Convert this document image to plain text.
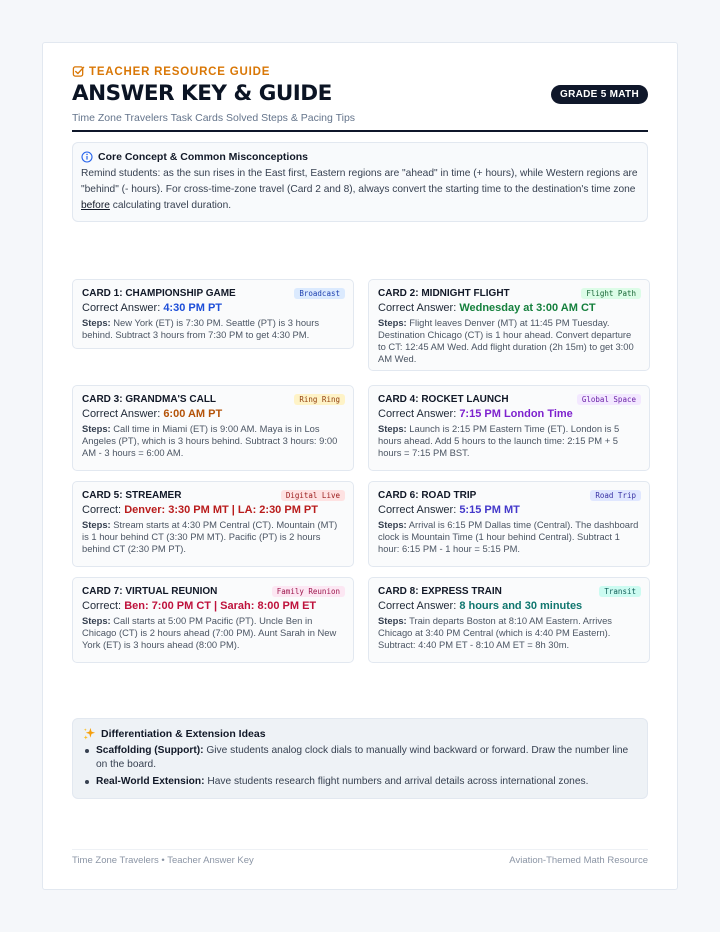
TEACHER RESOURCE GUIDE
ANSWER KEY & GUIDE
Time Zone Travelers Task Cards Solved Steps & Pacing Tips
GRADE 5 MATH
Core Concept & Common Misconceptions
Remind students: as the sun rises in the East first, Eastern regions are "ahead" in time (+ hours), while Western regions are "behind" (- hours). For cross-time-zone travel (Card 2 and 8), always convert the starting time to the destination's time zone before calculating travel duration.
CARD 1: CHAMPIONSHIP GAME	Broadcast
Correct Answer: 4:30 PM PT
Steps: New York (ET) is 7:30 PM. Seattle (PT) is 3 hours behind. Subtract 3 hours from 7:30 PM to get 4:30 PM.
CARD 2: MIDNIGHT FLIGHT	Flight Path
Correct Answer: Wednesday at 3:00 AM CT
Steps: Flight leaves Denver (MT) at 11:45 PM Tuesday. Destination Chicago (CT) is 1 hour ahead. Convert departure to CT: 12:45 AM Wed. Add flight duration (2h 15m) to get 3:00 AM Wed.
CARD 3: GRANDMA'S CALL	Ring Ring
Correct Answer: 6:00 AM PT
Steps: Call time in Miami (ET) is 9:00 AM. Maya is in Los Angeles (PT), which is 3 hours behind. Subtract 3 hours: 9:00 AM - 3 hours = 6:00 AM.
CARD 4: ROCKET LAUNCH	Global Space
Correct Answer: 7:15 PM London Time
Steps: Launch is 2:15 PM Eastern Time (ET). London is 5 hours ahead. Add 5 hours to the launch time: 2:15 PM + 5 hours = 7:15 PM BST.
CARD 5: STREAMER	Digital Live
Correct: Denver: 3:30 PM MT | LA: 2:30 PM PT
Steps: Stream starts at 4:30 PM Central (CT). Mountain (MT) is 1 hour behind CT (3:30 PM MT). Pacific (PT) is 2 hours behind CT (2:30 PM PT).
CARD 6: ROAD TRIP	Road Trip
Correct Answer: 5:15 PM MT
Steps: Arrival is 6:15 PM Dallas time (Central). The dashboard clock is Mountain Time (1 hour behind Central). Subtract 1 hour: 6:15 PM - 1 hour = 5:15 PM.
CARD 7: VIRTUAL REUNION	Family Reunion
Correct: Ben: 7:00 PM CT | Sarah: 8:00 PM ET
Steps: Call starts at 5:00 PM Pacific (PT). Uncle Ben in Chicago (CT) is 2 hours ahead (7:00 PM). Aunt Sarah in New York (ET) is 3 hours ahead (8:00 PM).
CARD 8: EXPRESS TRAIN	Transit
Correct Answer: 8 hours and 30 minutes
Steps: Train departs Boston at 8:10 AM Eastern. Arrives Chicago at 3:40 PM Central (which is 4:40 PM Eastern). Subtract: 4:40 PM ET - 8:10 AM ET = 8h 30m.
Differentiation & Extension Ideas
Scaffolding (Support): Give students analog clock dials to manually wind backward or forward. Draw the number line on the board.
Real-World Extension: Have students research flight numbers and arrival details across international zones.
Time Zone Travelers • Teacher Answer Key	Aviation-Themed Math Resource
